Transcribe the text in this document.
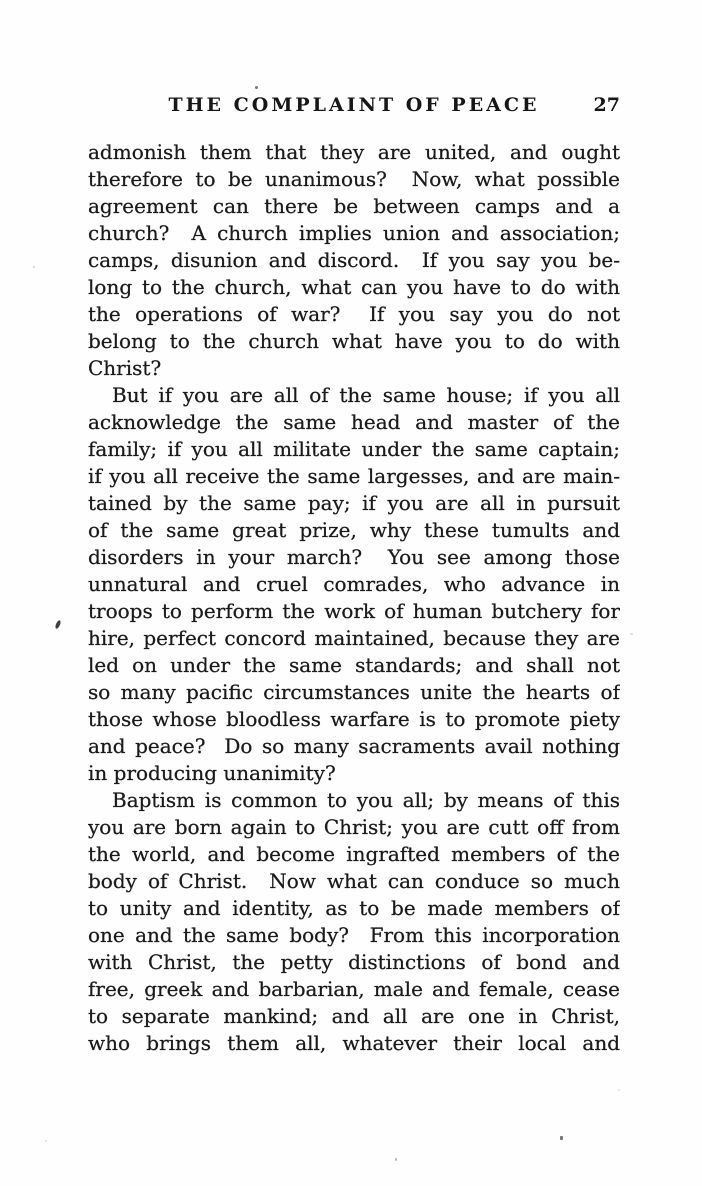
THE COMPLAINT OF PEACE	27
admonish them that they are united, and ought
therefore to be unanimous?  Now, what possible
agreement can there be between camps and a
church?  A church implies union and association;
camps, disunion and discord.  If you say you be-
long to the church, what can you have to do with
the operations of war?  If you say you do not
belong to the church what have you to do with
Christ?
But if you are all of the same house; if you all
acknowledge the same head and master of the
family; if you all militate under the same captain;
if you all receive the same largesses, and are main-
tained by the same pay; if you are all in pursuit
of the same great prize, why these tumults and
disorders in your march?  You see among those
unnatural and cruel comrades, who advance in
troops to perform the work of human butchery for
hire, perfect concord maintained, because they are
led on under the same standards; and shall not
so many pacific circumstances unite the hearts of
those whose bloodless warfare is to promote piety
and peace?  Do so many sacraments avail nothing
in producing unanimity?
Baptism is common to you all; by means of this
you are born again to Christ; you are cutt off from
the world, and become ingrafted members of the
body of Christ.  Now what can conduce so much
to unity and identity, as to be made members of
one and the same body?  From this incorporation
with Christ, the petty distinctions of bond and
free, greek and barbarian, male and female, cease
to separate mankind; and all are one in Christ,
who brings them all, whatever their local and
